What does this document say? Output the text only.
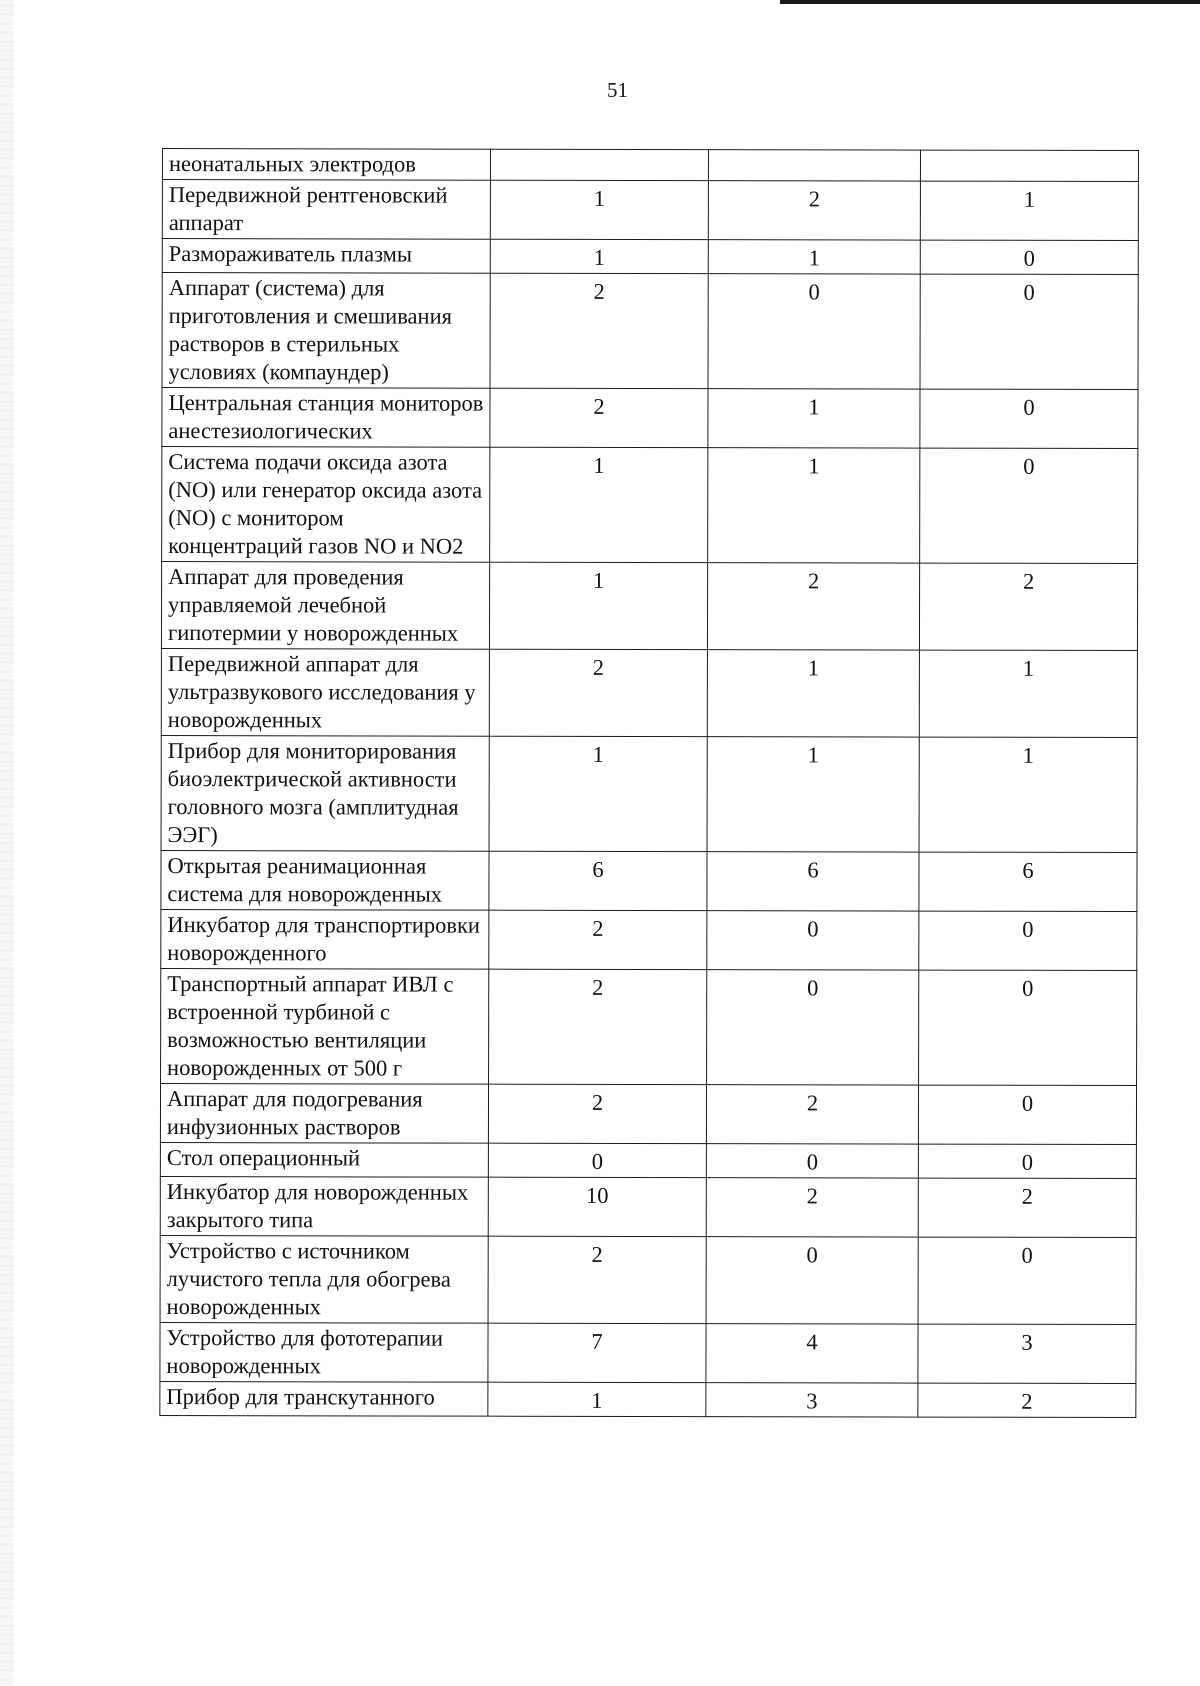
51
неонатальных электродов			
Передвижной рентгеновский аппарат	1	2	1
Размораживатель плазмы	1	1	0
Аппарат (система) для приготовления и смешивания растворов в стерильных условиях (компаундер)	2	0	0
Центральная станция мониторов анестезиологических	2	1	0
Система подачи оксида азота (NO) или генератор оксида азота (NO) с монитором концентраций газов NO и NO2	1	1	0
Аппарат для проведения управляемой лечебной гипотермии у новорожденных	1	2	2
Передвижной аппарат для ультразвукового исследования у новорожденных	2	1	1
Прибор для мониторирования биоэлектрической активности головного мозга (амплитудная ЭЭГ)	1	1	1
Открытая реанимационная система для новорожденных	6	6	6
Инкубатор для транспортировки новорожденного	2	0	0
Транспортный аппарат ИВЛ с встроенной турбиной с возможностью вентиляции новорожденных от 500 г	2	0	0
Аппарат для подогревания инфузионных растворов	2	2	0
Стол операционный	0	0	0
Инкубатор для новорожденных закрытого типа	10	2	2
Устройство с источником лучистого тепла для обогрева новорожденных	2	0	0
Устройство для фототерапии новорожденных	7	4	3
Прибор для транскутанного	1	3	2
